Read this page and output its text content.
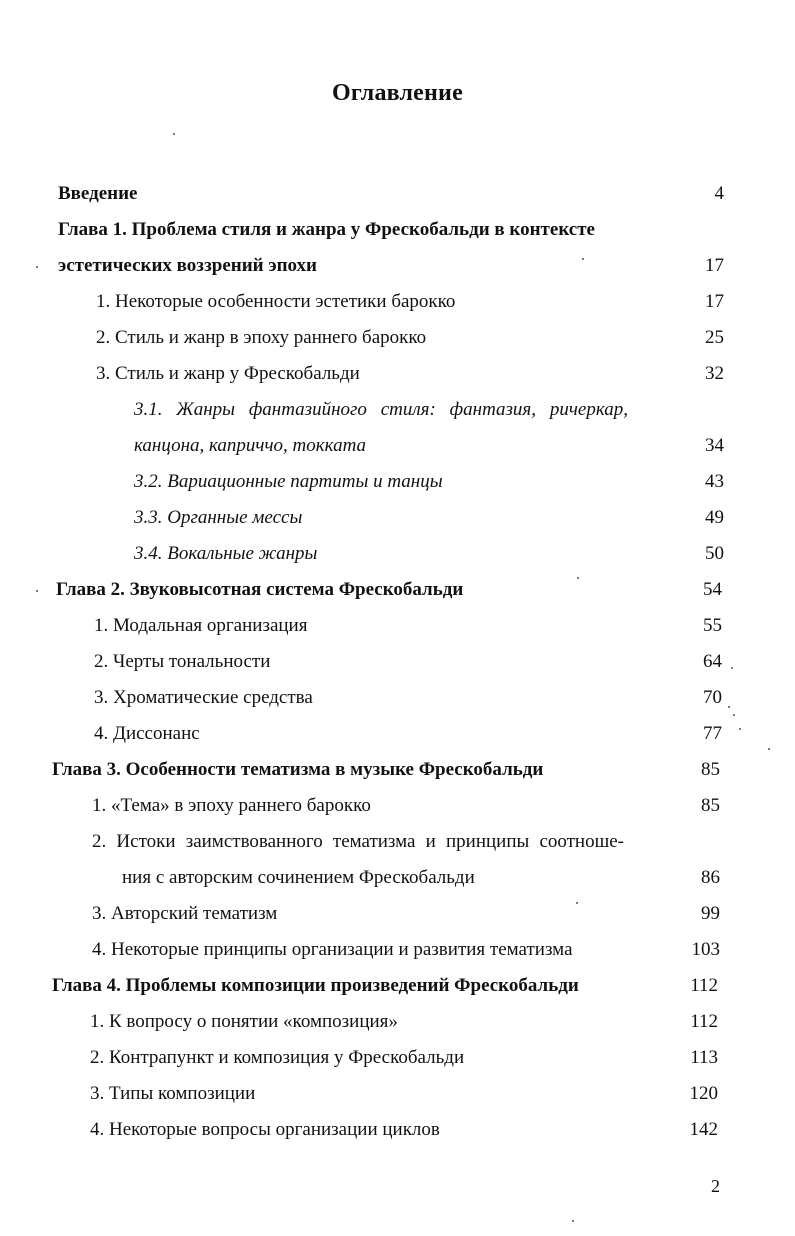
Оглавление
Введение	4
Глава 1. Проблема стиля и жанра у Фрескобальди в контексте
эстетических воззрений эпохи	17
1. Некоторые особенности эстетики барокко	17
2. Стиль и жанр в эпоху раннего барокко	25
3. Стиль и жанр у Фрескобальди	32
3.1. Жанры фантазийного стиля: фантазия, ричеркар,
канцона, каприччо, токката	34
3.2. Вариационные партиты и танцы	43
3.3. Органные мессы	49
3.4. Вокальные жанры	50
Глава 2. Звуковысотная система Фрескобальди	54
1. Модальная организация	55
2. Черты тональности	64
3. Хроматические средства	70
4. Диссонанс	77
Глава 3. Особенности тематизма в музыке Фрескобальди	85
1. «Тема» в эпоху раннего барокко	85
2. Истоки заимствованного тематизма и принципы соотноше-
ния с авторским сочинением Фрескобальди	86
3. Авторский тематизм	99
4. Некоторые принципы организации и развития тематизма	103
Глава 4. Проблемы композиции произведений Фрескобальди	112
1. К вопросу о понятии «композиция»	112
2. Контрапункт и композиция у Фрескобальди	113
3. Типы композиции	120
4. Некоторые вопросы организации циклов	142
2
